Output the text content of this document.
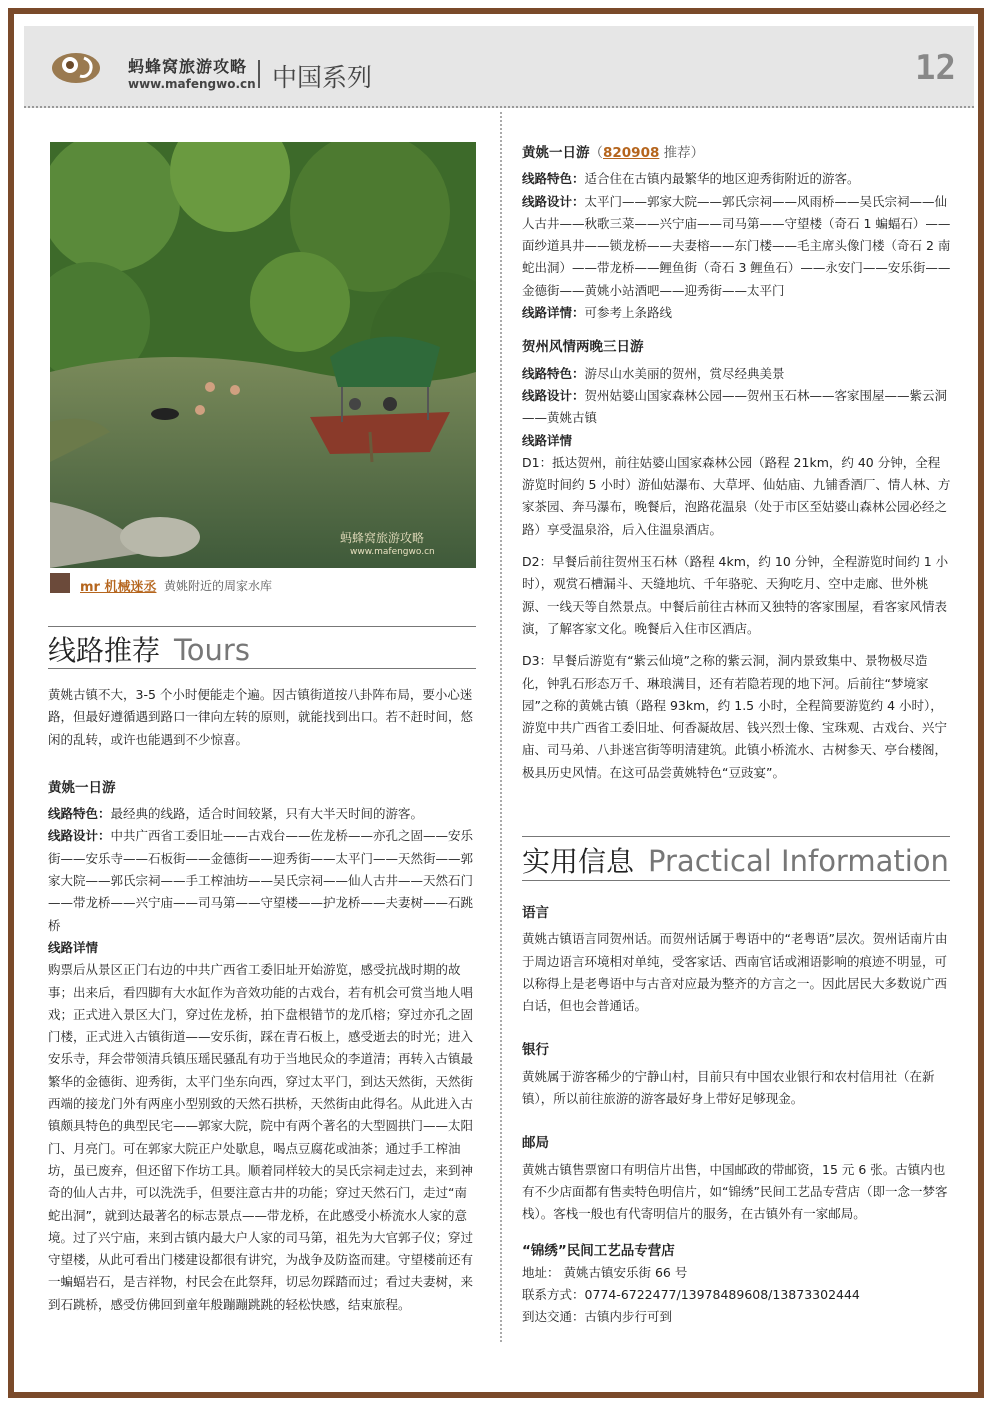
蚂蜂窝旅游攻略
www.mafengwo.cn 中国系列	12
蚂蜂窝旅游攻略
www.mafengwo.cn
mr 机械迷丞 黄姚附近的周家水库
线路推荐 Tours

黄姚古镇不大，3-5 个小时便能走个遍。因古镇街道按八卦阵布局，要小心迷路，但最好遵循遇到路口一律向左转的原则，就能找到出口。若不赶时间，悠闲的乱转，或许也能遇到不少惊喜。

黄姚一日游

线路特色：最经典的线路，适合时间较紧，只有大半天时间的游客。

线路设计：中共广西省工委旧址——古戏台——佐龙桥——亦孔之固——安乐街——安乐寺——石板街——金德街——迎秀街——太平门——天然街——郭家大院——郭氏宗祠——手工榨油坊——吴氏宗祠——仙人古井——天然石门——带龙桥——兴宁庙——司马第——守望楼——护龙桥——夫妻树——石跳桥

线路详情

购票后从景区正门右边的中共广西省工委旧址开始游览，感受抗战时期的故事；出来后，看四脚有大水缸作为音效功能的古戏台，若有机会可赏当地人唱戏；正式进入景区大门，穿过佐龙桥，拍下盘根错节的龙爪榕；穿过亦孔之固门楼，正式进入古镇街道——安乐街，踩在青石板上，感受逝去的时光；进入安乐寺，拜会带领清兵镇压瑶民骚乱有功于当地民众的李道清；再转入古镇最繁华的金德街、迎秀街，太平门坐东向西，穿过太平门，到达天然街，天然街西端的接龙门外有两座小型别致的天然石拱桥，天然街由此得名。从此进入古镇颇具特色的典型民宅——郭家大院，院中有两个著名的大型圆拱门——太阳门、月亮门。可在郭家大院正户处歇息，喝点豆腐花或油茶；通过手工榨油坊，虽已废弃，但还留下作坊工具。顺着同样较大的吴氏宗祠走过去，来到神奇的仙人古井，可以洗洗手，但要注意古井的功能；穿过天然石门，走过“南蛇出洞”，就到达最著名的标志景点——带龙桥，在此感受小桥流水人家的意境。过了兴宁庙，来到古镇内最大户人家的司马第，祖先为大官郭子仪；穿过守望楼，从此可看出门楼建设都很有讲究，为战争及防盗而建。守望楼前还有一蝙蝠岩石，是吉祥物，村民会在此祭拜，切忌勿踩踏而过；看过夫妻树，来到石跳桥，感受仿佛回到童年般蹦蹦跳跳的轻松快感，结束旅程。

黄姚一日游（820908 推荐）

线路特色：适合住在古镇内最繁华的地区迎秀街附近的游客。

线路设计：太平门——郭家大院——郭氏宗祠——风雨桥——吴氏宗祠——仙人古井——秋歌三菜——兴宁庙——司马第——守望楼（奇石 1 蝙蝠石）——面纱道具井——锁龙桥——夫妻榕——东门楼——毛主席头像门楼（奇石 2 南蛇出洞）——带龙桥——鲤鱼街（奇石 3 鲤鱼石）——永安门——安乐街——金德街——黄姚小站酒吧——迎秀街——太平门

线路详情：可参考上条路线

贺州风情两晚三日游

线路特色：游尽山水美丽的贺州，赏尽经典美景

线路设计：贺州姑婆山国家森林公园——贺州玉石林——客家围屋——紫云洞——黄姚古镇

线路详情

D1：抵达贺州，前往姑婆山国家森林公园（路程 21km，约 40 分钟，全程游览时间约 5 小时）游仙姑瀑布、大草坪、仙姑庙、九铺香酒厂、情人林、方家茶园、奔马瀑布，晚餐后，泡路花温泉（处于市区至姑婆山森林公园必经之路）享受温泉浴，后入住温泉酒店。

D2：早餐后前往贺州玉石林（路程 4km，约 10 分钟，全程游览时间约 1 小时），观赏石槽漏斗、天缝地坑、千年骆驼、天狗吃月、空中走廊、世外桃源、一线天等自然景点。中餐后前往古林而又独特的客家围屋，看客家风情表演，了解客家文化。晚餐后入住市区酒店。

D3：早餐后游览有“紫云仙境”之称的紫云洞，洞内景致集中、景物极尽造化，钟乳石形态万千、琳琅满目，还有若隐若现的地下河。后前往“梦境家园”之称的黄姚古镇（路程 93km，约 1.5 小时，全程简要游览约 4 小时），游览中共广西省工委旧址、何香凝故居、钱兴烈士像、宝珠观、古戏台、兴宁庙、司马弟、八卦迷宫街等明清建筑。此镇小桥流水、古树参天、亭台楼阁，极具历史风情。在这可品尝黄姚特色“豆豉宴”。

实用信息 Practical Information

语言

黄姚古镇语言同贺州话。而贺州话属于粤语中的“老粤语”层次。贺州话南片由于周边语言环境相对单纯，受客家话、西南官话或湘语影响的痕迹不明显，可以称得上是老粤语中与古音对应最为整齐的方言之一。因此居民大多数说广西白话，但也会普通话。

银行

黄姚属于游客稀少的宁静山村，目前只有中国农业银行和农村信用社（在新镇），所以前往旅游的游客最好身上带好足够现金。

邮局

黄姚古镇售票窗口有明信片出售，中国邮政的带邮资，15 元 6 张。古镇内也有不少店面都有售卖特色明信片，如“锦绣”民间工艺品专营店（即一念一梦客栈）。客栈一般也有代寄明信片的服务，在古镇外有一家邮局。

“锦绣”民间工艺品专营店

地址： 黄姚古镇安乐街 66 号

联系方式：0774-6722477/13978489608/13873302444

到达交通：古镇内步行可到
